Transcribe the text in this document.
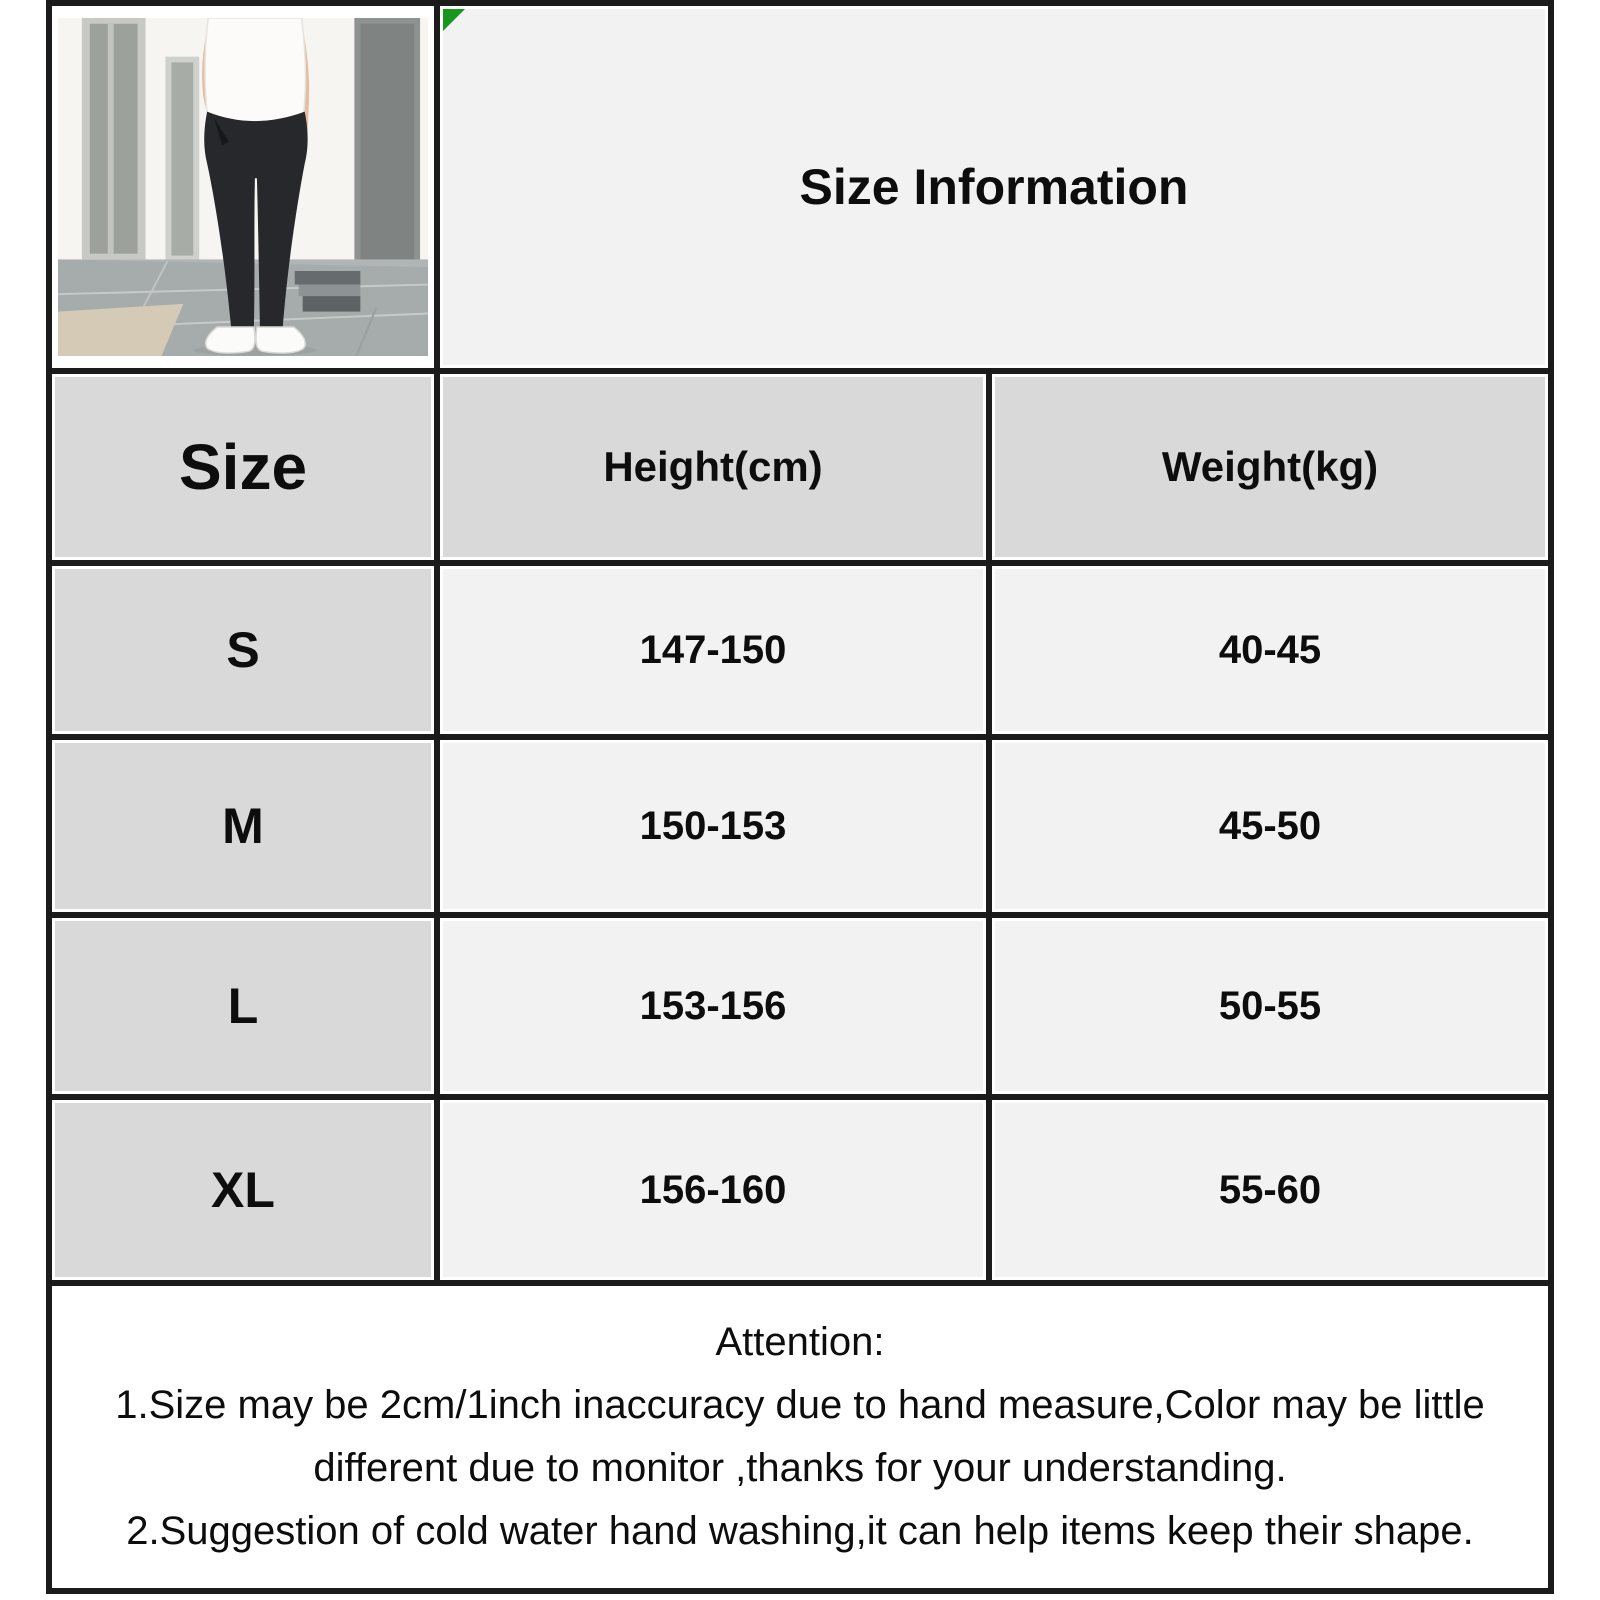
Size Information	
Size	Height(cm)	Weight(kg)
S	147-150	40-45
M	150-153	45-50
L	153-156	50-55
XL	156-160	55-60

Attention:
1.Size may be 2cm/1inch inaccuracy due to hand measure,Color may be little different due to monitor ,thanks for your understanding.
2.Suggestion of cold water hand washing,it can help items keep their shape.		
